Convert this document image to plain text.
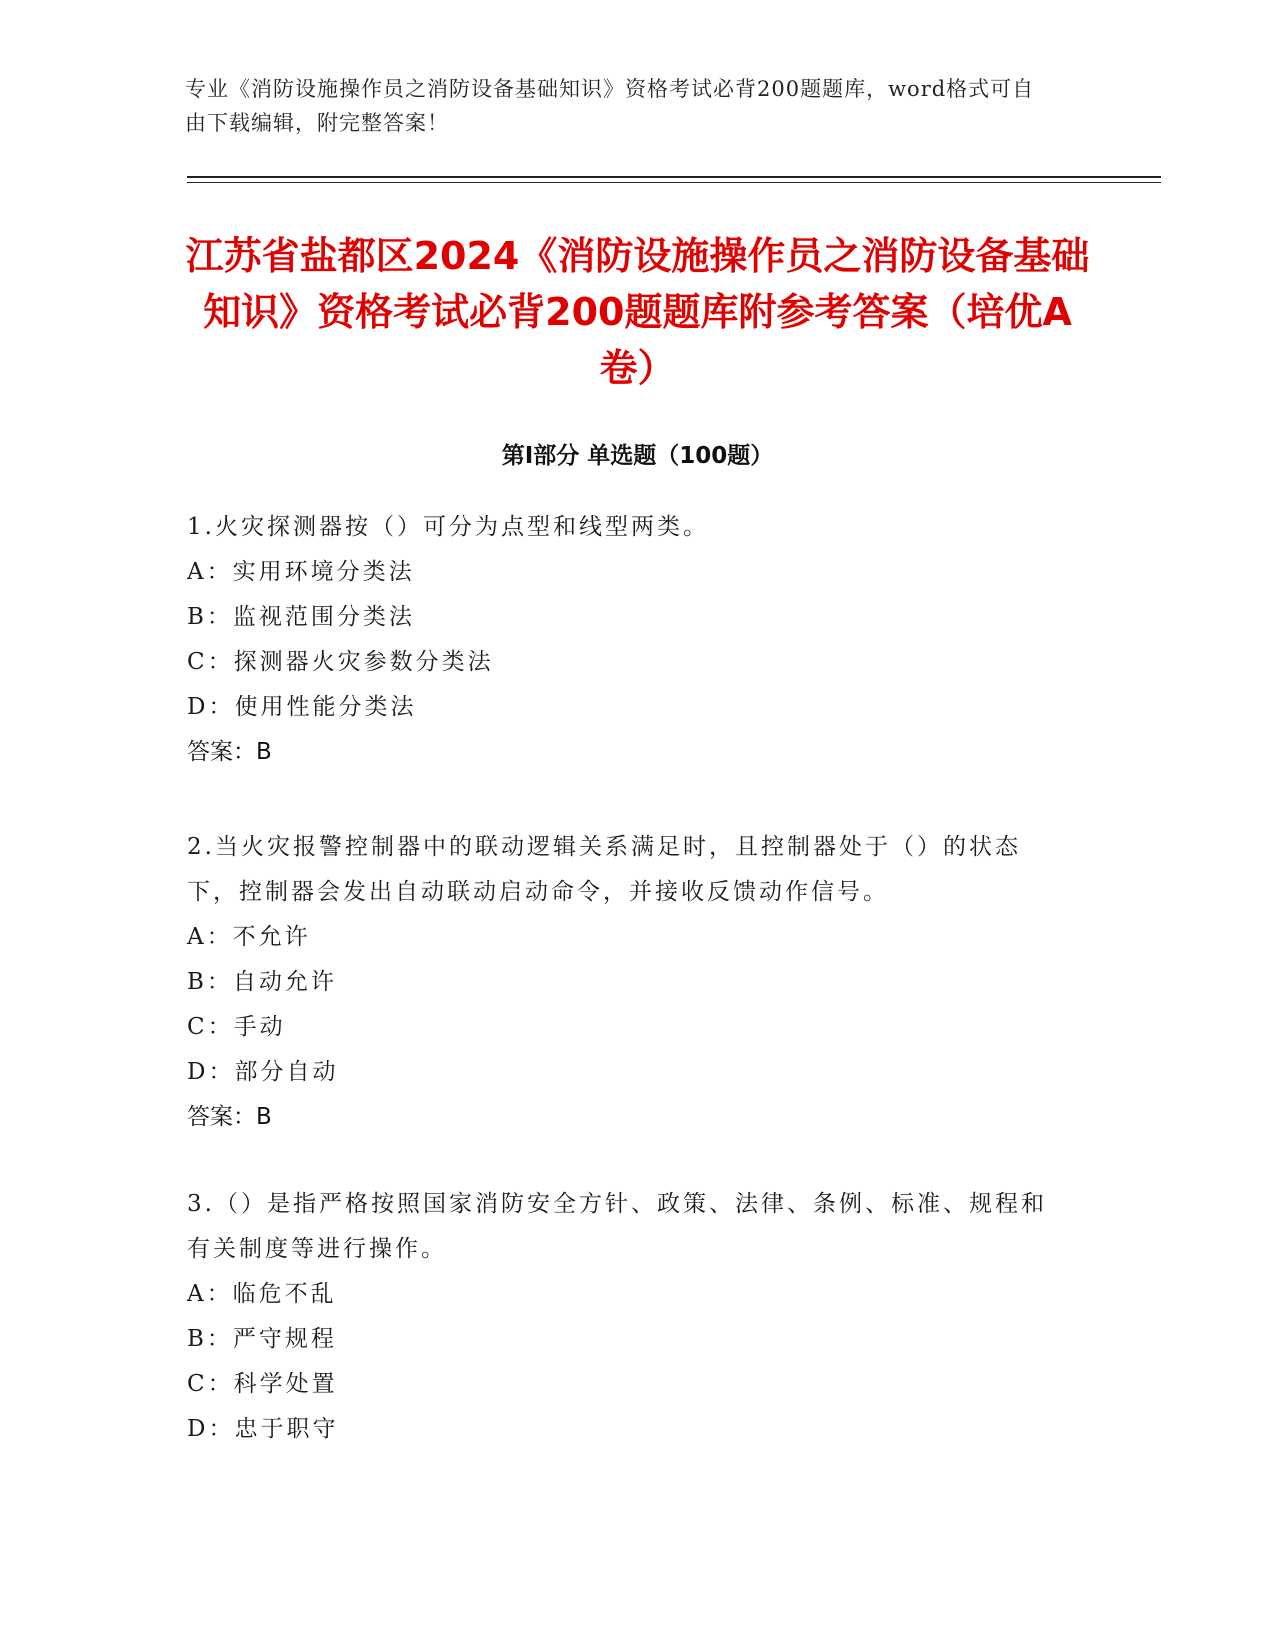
专业《消防设施操作员之消防设备基础知识》资格考试必背200题题库，word格式可自由下载编辑，附完整答案！
江苏省盐都区2024《消防设施操作员之消防设备基础知识》资格考试必背200题题库附参考答案（培优A卷）
第I部分 单选题（100题）
1.火灾探测器按（）可分为点型和线型两类。
A：实用环境分类法
B：监视范围分类法
C：探测器火灾参数分类法
D：使用性能分类法
答案：B
2.当火灾报警控制器中的联动逻辑关系满足时，且控制器处于（）的状态下，控制器会发出自动联动启动命令，并接收反馈动作信号。
A：不允许
B：自动允许
C：手动
D：部分自动
答案：B
3.（）是指严格按照国家消防安全方针、政策、法律、条例、标准、规程和有关制度等进行操作。
A：临危不乱
B：严守规程
C：科学处置
D：忠于职守
